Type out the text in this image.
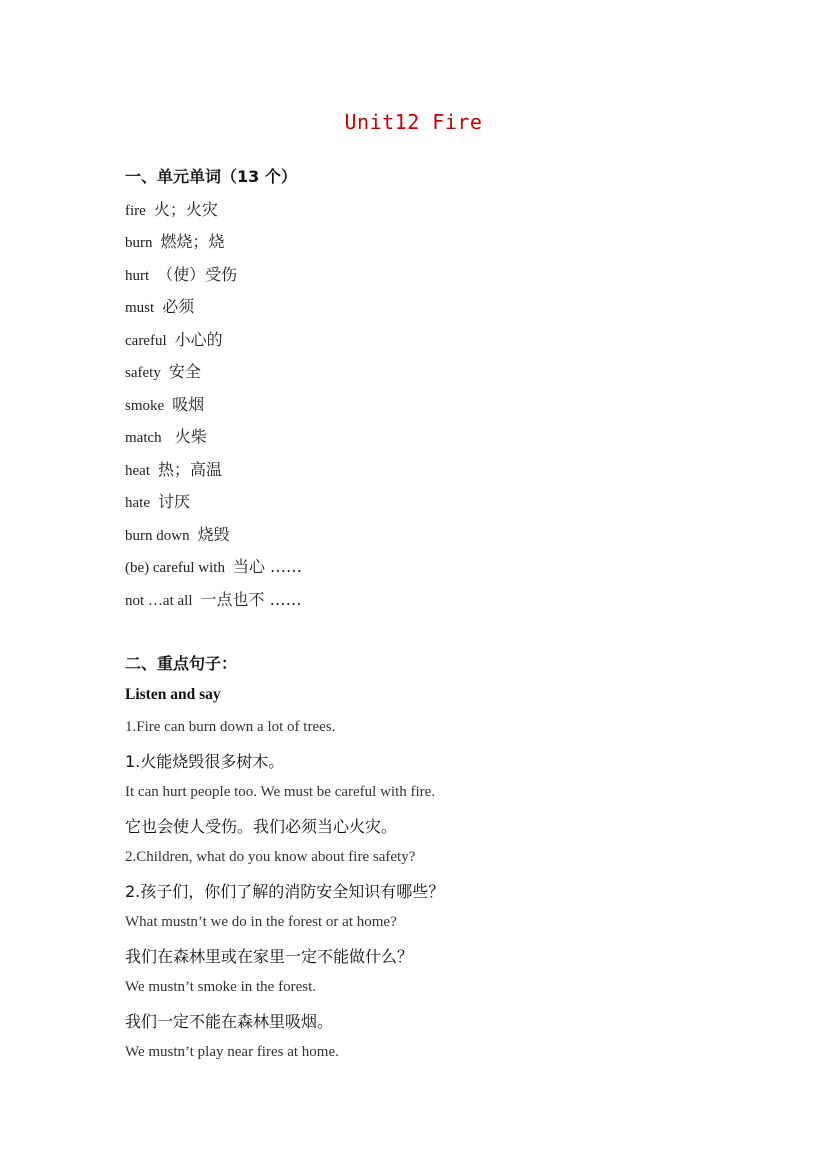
Unit12 Fire
一、单元单词（13 个）
fire 火；火灾
burn 燃烧；烧
hurt （使）受伤
must 必须
careful 小心的
safety 安全
smoke 吸烟
match 火柴
heat 热；高温
hate 讨厌
burn down 烧毁
(be) careful with 当心 ……
not …at all 一点也不 ……
二、重点句子：
Listen and say
1.Fire can burn down a lot of trees.
1.火能烧毁很多树木。
It can hurt people too. We must be careful with fire.
它也会使人受伤。我们必须当心火灾。
2.Children, what do you know about fire safety?
2.孩子们，你们了解的消防安全知识有哪些？
What mustn’t we do in the forest or at home?
我们在森林里或在家里一定不能做什么？
We mustn’t smoke in the forest.
我们一定不能在森林里吸烟。
We mustn’t play near fires at home.
